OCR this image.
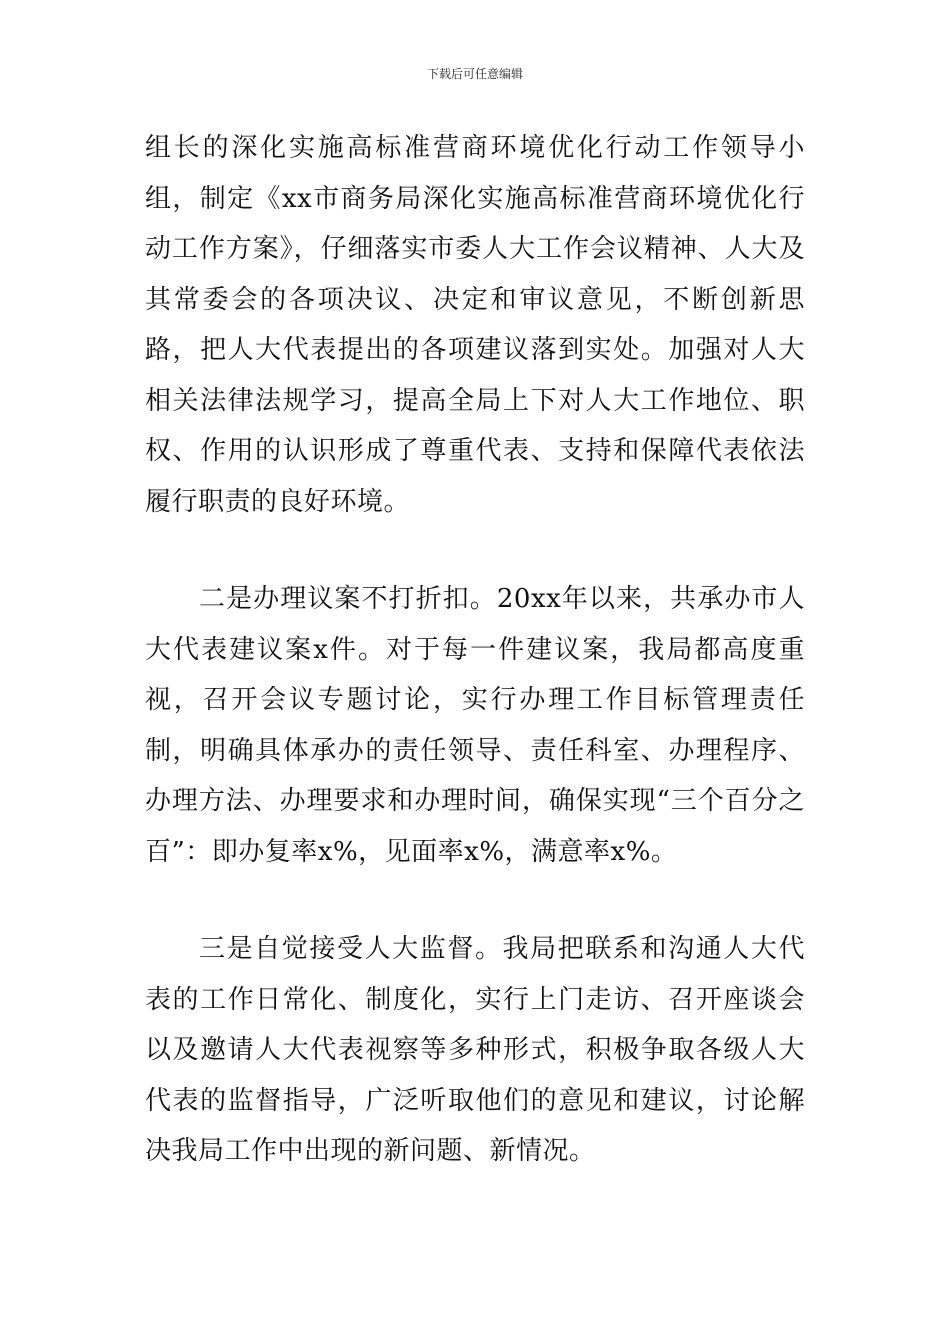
下载后可任意编辑

组长的深化实施高标准营商环境优化行动工作领导小组，制定《xx市商务局深化实施高标准营商环境优化行动工作方案》，仔细落实市委人大工作会议精神、人大及其常委会的各项决议、决定和审议意见，不断创新思路，把人大代表提出的各项建议落到实处。加强对人大相关法律法规学习，提高全局上下对人大工作地位、职权、作用的认识形成了尊重代表、支持和保障代表依法履行职责的良好环境。

二是办理议案不打折扣。20xx年以来，共承办市人大代表建议案x件。对于每一件建议案，我局都高度重视，召开会议专题讨论，实行办理工作目标管理责任制，明确具体承办的责任领导、责任科室、办理程序、办理方法、办理要求和办理时间，确保实现“三个百分之百”：即办复率x%，见面率x%，满意率x%。

三是自觉接受人大监督。我局把联系和沟通人大代表的工作日常化、制度化，实行上门走访、召开座谈会以及邀请人大代表视察等多种形式，积极争取各级人大代表的监督指导，广泛听取他们的意见和建议，讨论解决我局工作中出现的新问题、新情况。
